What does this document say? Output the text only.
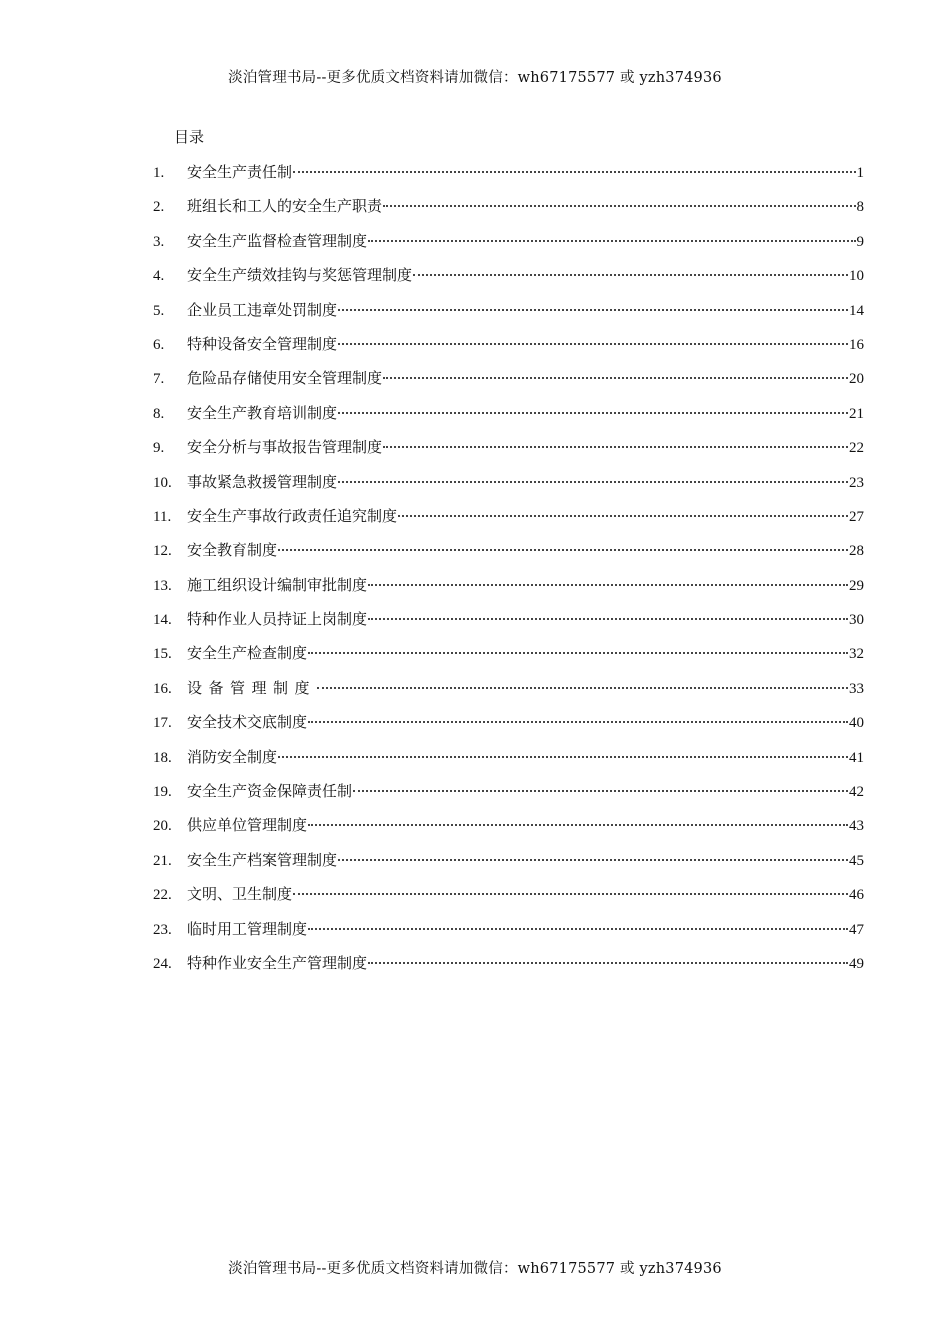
淡泊管理书局--更多优质文档资料请加微信：wh67175577 或 yzh374936
目录
1.	安全生产责任制	1
2.	班组长和工人的安全生产职责	8
3.	安全生产监督检查管理制度	9
4.	安全生产绩效挂钩与奖惩管理制度	10
5.	企业员工违章处罚制度	14
6.	特种设备安全管理制度	16
7.	危险品存储使用安全管理制度	20
8.	安全生产教育培训制度	21
9.	安全分析与事故报告管理制度	22
10.	事故紧急救援管理制度	23
11.	安全生产事故行政责任追究制度	27
12.	安全教育制度	28
13.	施工组织设计编制审批制度	29
14.	特种作业人员持证上岗制度	30
15.	安全生产检查制度	32
16.	设备管理制度	33
17.	安全技术交底制度	40
18.	消防安全制度	41
19.	安全生产资金保障责任制	42
20.	供应单位管理制度	43
21.	安全生产档案管理制度	45
22.	文明、卫生制度	46
23.	临时用工管理制度	47
24.	特种作业安全生产管理制度	49
淡泊管理书局--更多优质文档资料请加微信：wh67175577 或 yzh374936
